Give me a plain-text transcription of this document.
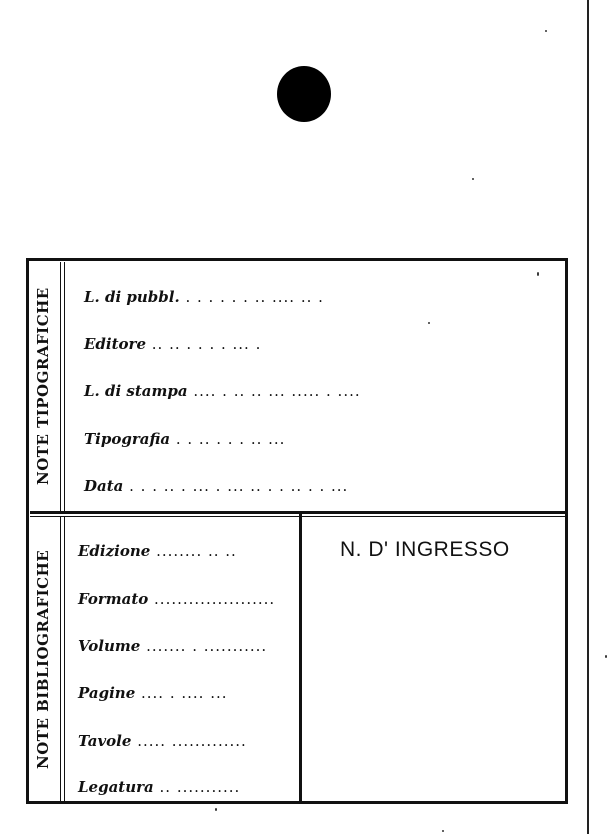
NOTE TIPOGRAFICHE
NOTE BIBLIOGRAFICHE
L. di pubbl. . . . . . . .. .... .. .
Editore .. .. . . . . ... .
L. di stampa .... . .. .. ... ..... . ....
Tipografia . . .. . . . .. ...
Data . . . .. . ... . ... .. . . .. . . ...
Edizione ........ .. ..
Formato .....................
Volume ....... . ...........
Pagine .... . .... ...
Tavole ..... .............
Legatura .. ...........
N. D' INGRESSO
